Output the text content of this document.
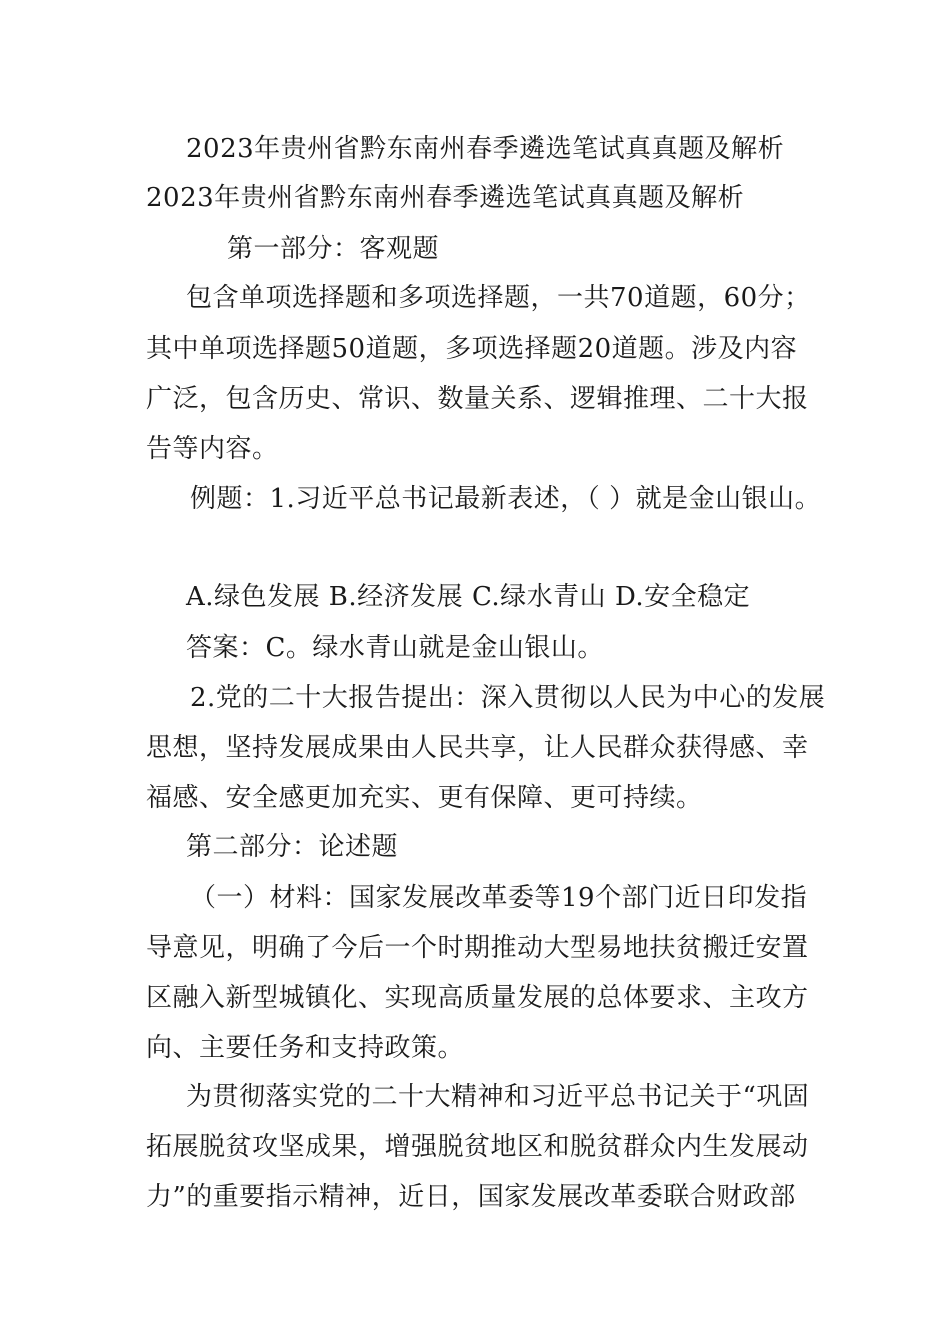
2023年贵州省黔东南州春季遴选笔试真真题及解析
2023年贵州省黔东南州春季遴选笔试真真题及解析
第一部分：客观题
包含单项选择题和多项选择题，一共70道题，60分；
其中单项选择题50道题，多项选择题20道题。涉及内容
广泛，包含历史、常识、数量关系、逻辑推理、二十大报
告等内容。
例题：1.习近平总书记最新表述，（ ）就是金山银山。
A.绿色发展 B.经济发展 C.绿水青山 D.安全稳定
答案：C。绿水青山就是金山银山。
2.党的二十大报告提出：深入贯彻以人民为中心的发展
思想，坚持发展成果由人民共享，让人民群众获得感、幸
福感、安全感更加充实、更有保障、更可持续。
第二部分：论述题
（一）材料：国家发展改革委等19个部门近日印发指
导意见，明确了今后一个时期推动大型易地扶贫搬迁安置
区融入新型城镇化、实现高质量发展的总体要求、主攻方
向、主要任务和支持政策。
为贯彻落实党的二十大精神和习近平总书记关于“巩固
拓展脱贫攻坚成果，增强脱贫地区和脱贫群众内生发展动
力”的重要指示精神，近日，国家发展改革委联合财政部
